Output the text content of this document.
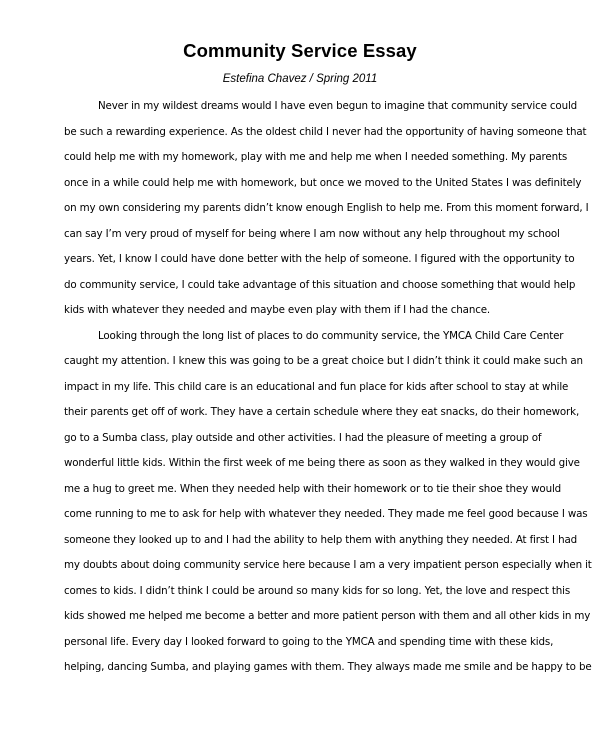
Community Service Essay
Estefina Chavez / Spring 2011
Never in my wildest dreams would I have even begun to imagine that community service could
be such a rewarding experience. As the oldest child I never had the opportunity of having someone that
could help me with my homework, play with me and help me when I needed something. My parents
once in a while could help me with homework, but once we moved to the United States I was definitely
on my own considering my parents didn’t know enough English to help me. From this moment forward, I
can say I’m very proud of myself for being where I am now without any help throughout my school
years. Yet, I know I could have done better with the help of someone. I figured with the opportunity to
do community service, I could take advantage of this situation and choose something that would help
kids with whatever they needed and maybe even play with them if I had the chance.
Looking through the long list of places to do community service, the YMCA Child Care Center
caught my attention. I knew this was going to be a great choice but I didn’t think it could make such an
impact in my life. This child care is an educational and fun place for kids after school to stay at while
their parents get off of work. They have a certain schedule where they eat snacks, do their homework,
go to a Sumba class, play outside and other activities. I had the pleasure of meeting a group of
wonderful little kids. Within the first week of me being there as soon as they walked in they would give
me a hug to greet me. When they needed help with their homework or to tie their shoe they would
come running to me to ask for help with whatever they needed. They made me feel good because I was
someone they looked up to and I had the ability to help them with anything they needed. At first I had
my doubts about doing community service here because I am a very impatient person especially when it
comes to kids. I didn’t think I could be around so many kids for so long. Yet, the love and respect this
kids showed me helped me become a better and more patient person with them and all other kids in my
personal life. Every day I looked forward to going to the YMCA and spending time with these kids,
helping, dancing Sumba, and playing games with them. They always made me smile and be happy to be
